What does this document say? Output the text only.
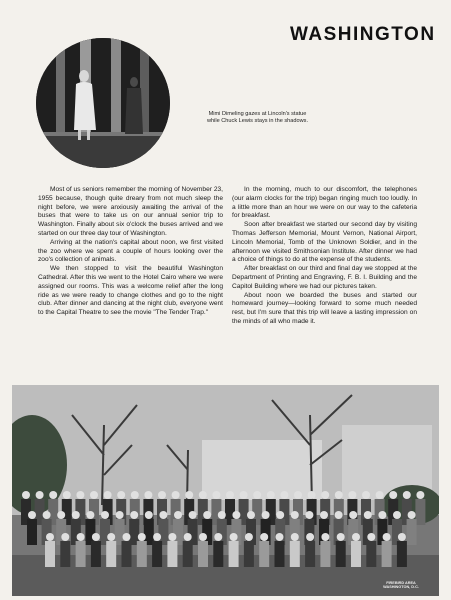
WASHINGTON
Mimi Dimeling gazes at Lincoln's statue
while Chuck Lewis stays in the shadows.

Most of us seniors remember the morning of November 23, 1955 because, though quite dreary from not much sleep the night before, we were anxiously awaiting the arrival of the buses that were to take us on our annual senior trip to Washington. Finally about six o'clock the buses arrived and we started on our three day tour of Washington.

Arriving at the nation's capital about noon, we first visited the zoo where we spent a couple of hours looking over the zoo's collection of animals.

We then stopped to visit the beautiful Washington Cathedral. After this we went to the Hotel Cairo where we were assigned our rooms. This was a welcome relief after the long ride as we were ready to change clothes and go to the night club. After dinner and dancing at the night club, everyone went to the Capital Theatre to see the movie "The Tender Trap."

In the morning, much to our discomfort, the telephones (our alarm clocks for the trip) began ringing much too loudly. In a little more than an hour we were on our way to the cafeteria for breakfast.

Soon after breakfast we started our second day by visiting Thomas Jefferson Memorial, Mount Vernon, National Airport, Lincoln Memorial, Tomb of the Unknown Soldier, and in the afternoon we visited Smithsonian Institute. After dinner we had a choice of things to do at the expense of the students.

After breakfast on our third and final day we stopped at the Department of Printing and Engraving, F. B. I. Building and the Capitol Building where we had our pictures taken.

About noon we boarded the buses and started our homeward journey—looking forward to some much needed rest, but I'm sure that this trip will leave a lasting impression on the minds of all who made it.

FIREBIRD AREA
WASHINGTON, D.C.
